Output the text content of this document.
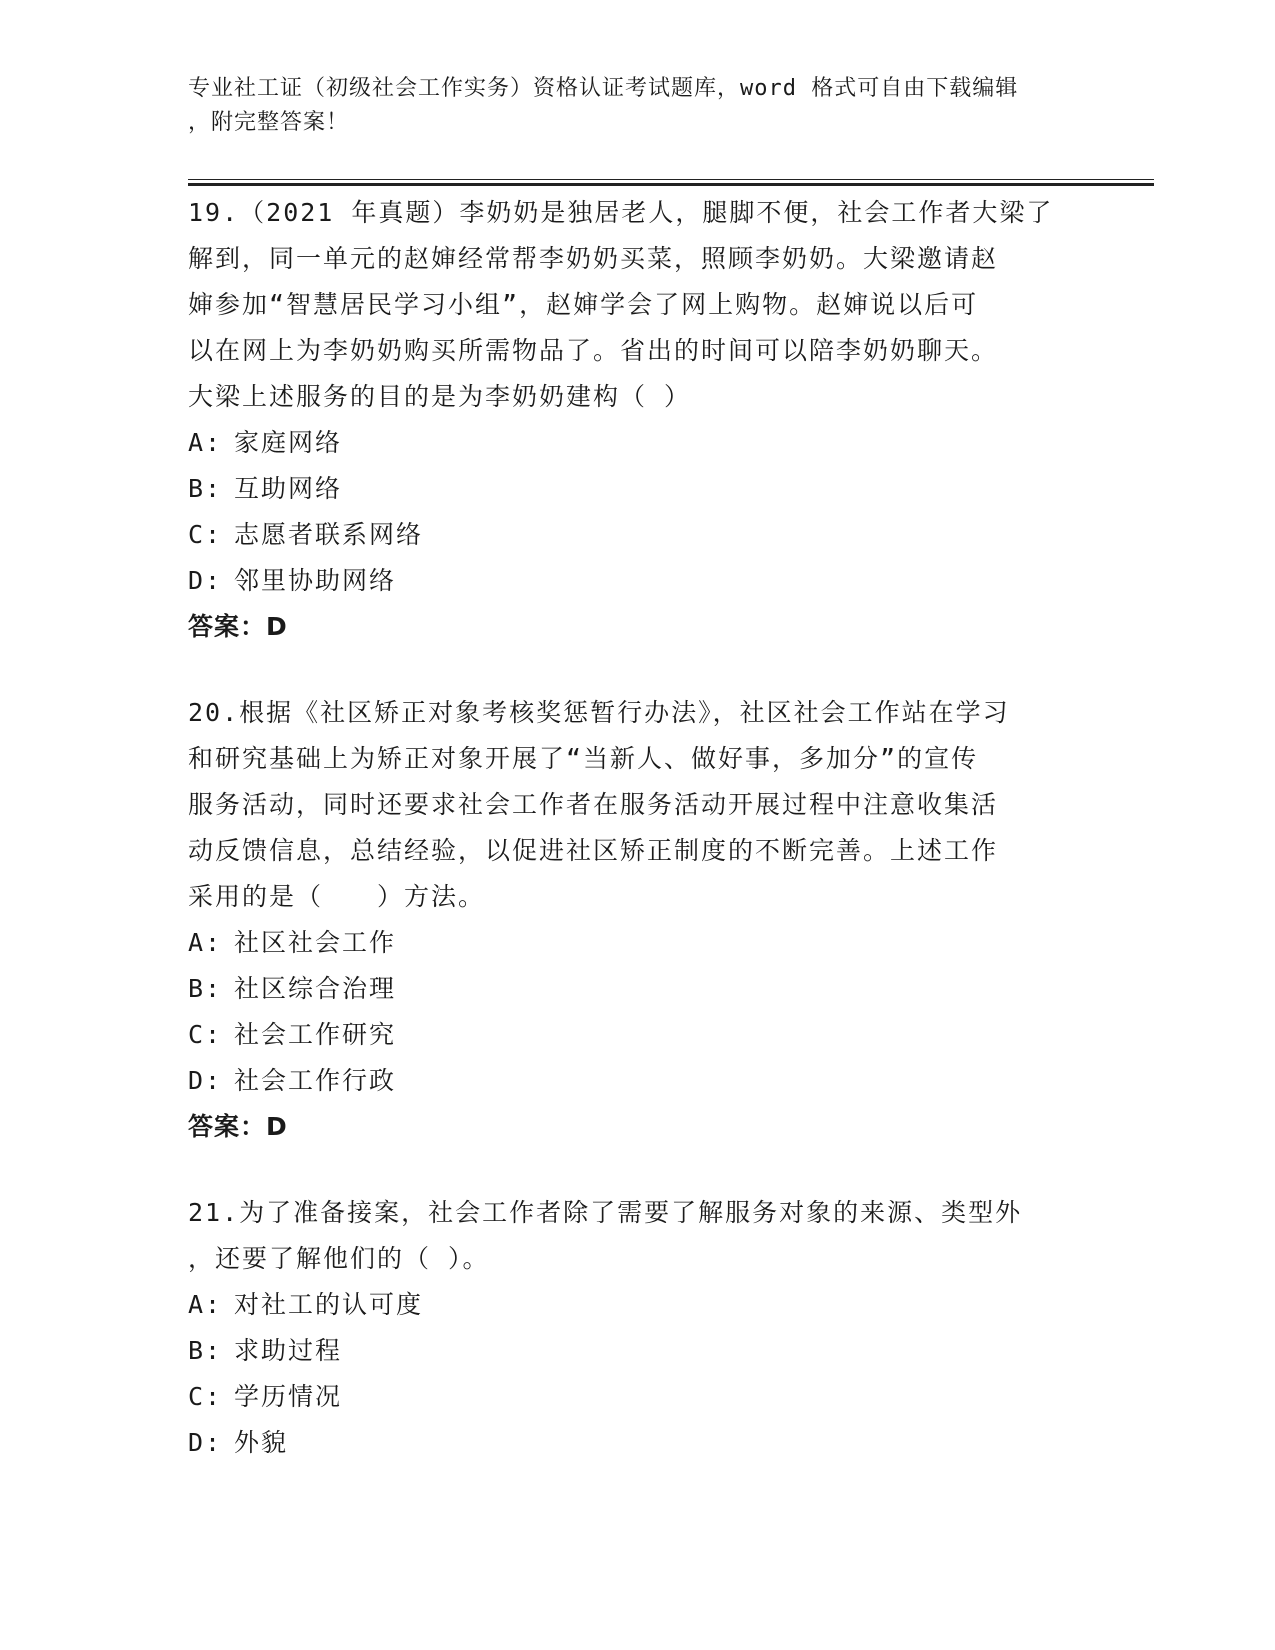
专业社工证（初级社会工作实务）资格认证考试题库，word 格式可自由下载编辑
，附完整答案！
19.（2021 年真题）李奶奶是独居老人，腿脚不便，社会工作者大梁了
解到，同一单元的赵婶经常帮李奶奶买菜，照顾李奶奶。大梁邀请赵
婶参加“智慧居民学习小组”，赵婶学会了网上购物。赵婶说以后可
以在网上为李奶奶购买所需物品了。省出的时间可以陪李奶奶聊天。
大梁上述服务的目的是为李奶奶建构（ ）
A: 家庭网络
B: 互助网络
C: 志愿者联系网络
D: 邻里协助网络
答案：D
20.根据《社区矫正对象考核奖惩暂行办法》，社区社会工作站在学习
和研究基础上为矫正对象开展了“当新人、做好事，多加分”的宣传
服务活动，同时还要求社会工作者在服务活动开展过程中注意收集活
动反馈信息，总结经验，以促进社区矫正制度的不断完善。上述工作
采用的是（　　）方法。
A: 社区社会工作
B: 社区综合治理
C: 社会工作研究
D: 社会工作行政
答案：D
21.为了准备接案，社会工作者除了需要了解服务对象的来源、类型外
，还要了解他们的（ ）。
A: 对社工的认可度
B: 求助过程
C: 学历情况
D: 外貌
